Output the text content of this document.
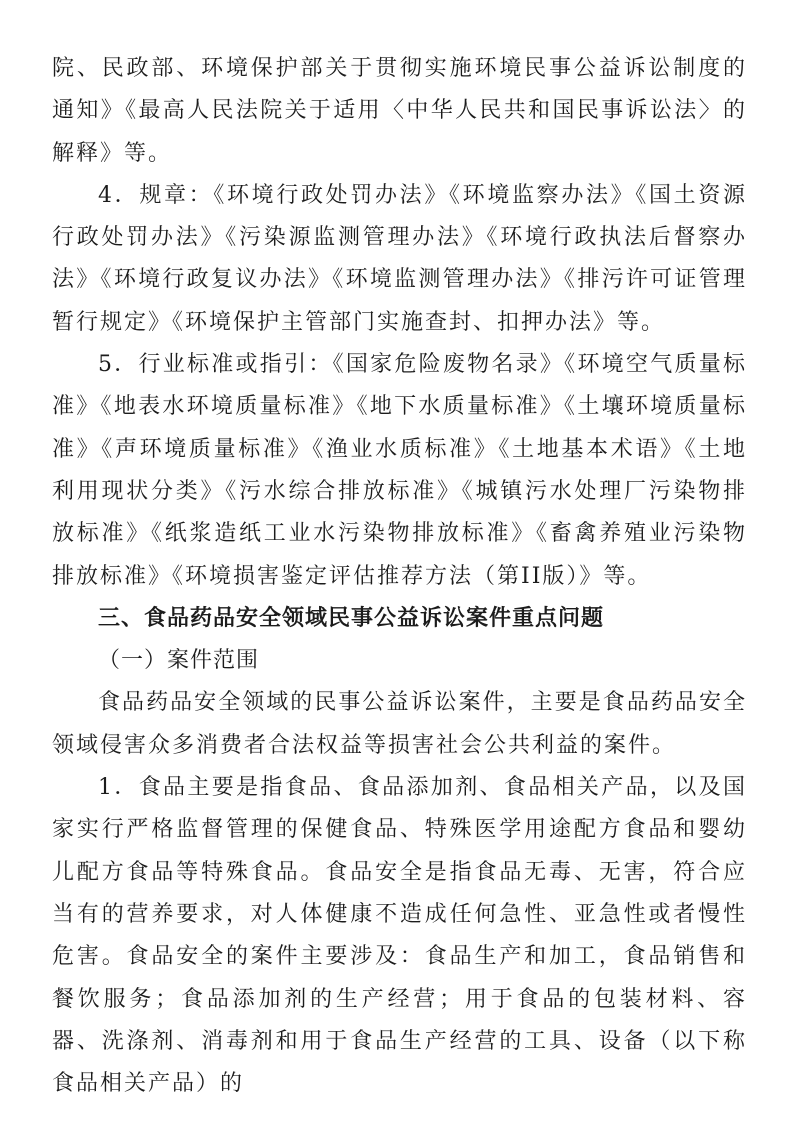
院、民政部、环境保护部关于贯彻实施环境民事公益诉讼制度的通知》《最高人民法院关于适用〈中华人民共和国民事诉讼法〉的解释》等。

4．规章：《环境行政处罚办法》《环境监察办法》《国土资源行政处罚办法》《污染源监测管理办法》《环境行政执法后督察办法》《环境行政复议办法》《环境监测管理办法》《排污许可证管理暂行规定》《环境保护主管部门实施查封、扣押办法》等。

5．行业标准或指引：《国家危险废物名录》《环境空气质量标准》《地表水环境质量标准》《地下水质量标准》《土壤环境质量标准》《声环境质量标准》《渔业水质标准》《土地基本术语》《土地利用现状分类》《污水综合排放标准》《城镇污水处理厂污染物排放标准》《纸浆造纸工业水污染物排放标准》《畜禽养殖业污染物排放标准》《环境损害鉴定评估推荐方法（第II版）》等。

三、食品药品安全领域民事公益诉讼案件重点问题

（一）案件范围

食品药品安全领域的民事公益诉讼案件，主要是食品药品安全领域侵害众多消费者合法权益等损害社会公共利益的案件。

1．食品主要是指食品、食品添加剂、食品相关产品，以及国家实行严格监督管理的保健食品、特殊医学用途配方食品和婴幼儿配方食品等特殊食品。食品安全是指食品无毒、无害，符合应当有的营养要求，对人体健康不造成任何急性、亚急性或者慢性危害。食品安全的案件主要涉及：食品生产和加工，食品销售和餐饮服务；食品添加剂的生产经营；用于食品的包装材料、容器、洗涤剂、消毒剂和用于食品生产经营的工具、设备（以下称食品相关产品）的
